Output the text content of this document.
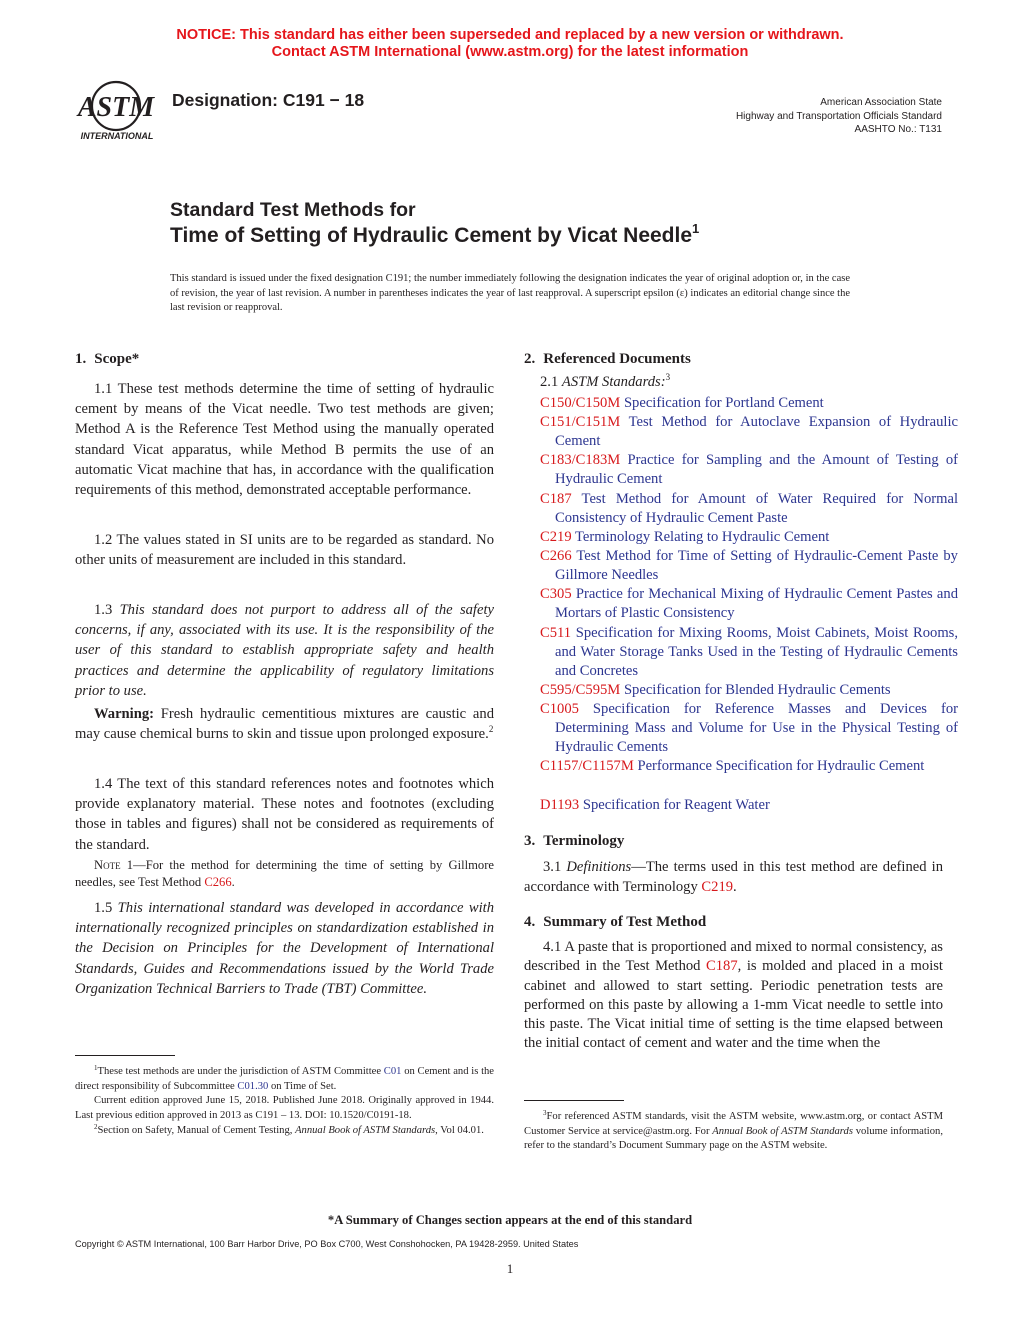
NOTICE: This standard has either been superseded and replaced by a new version or withdrawn.
Contact ASTM International (www.astm.org) for the latest information
ASTM
INTERNATIONAL
Designation: C191 − 18	American Association State
Highway and Transportation Officials Standard
AASHTO No.: T131
Standard Test Methods for
Time of Setting of Hydraulic Cement by Vicat Needle$^1$
This standard is issued under the fixed designation C191; the number immediately following the designation indicates the year of original adoption or, in the case of revision, the year of last revision. A number in parentheses indicates the year of last reapproval. A superscript epsilon (ε) indicates an editorial change since the last revision or reapproval.
1. Scope*

1.1 These test methods determine the time of setting of hydraulic cement by means of the Vicat needle. Two test methods are given; Method A is the Reference Test Method using the manually operated standard Vicat apparatus, while Method B permits the use of an automatic Vicat machine that has, in accordance with the qualification requirements of this method, demonstrated acceptable performance.

1.2 The values stated in SI units are to be regarded as standard. No other units of measurement are included in this standard.

1.3 This standard does not purport to address all of the safety concerns, if any, associated with its use. It is the responsibility of the user of this standard to establish appropriate safety and health practices and determine the applicability of regulatory limitations prior to use.

Warning: Fresh hydraulic cementitious mixtures are caustic and may cause chemical burns to skin and tissue upon prolonged exposure.$^2$

1.4 The text of this standard references notes and footnotes which provide explanatory material. These notes and footnotes (excluding those in tables and figures) shall not be considered as requirements of the standard.

Note 1—For the method for determining the time of setting by Gillmore needles, see Test Method C266.

1.5 This international standard was developed in accordance with internationally recognized principles on standardization established in the Decision on Principles for the Development of International Standards, Guides and Recommendations issued by the World Trade Organization Technical Barriers to Trade (TBT) Committee.

$^1$These test methods are under the jurisdiction of ASTM Committee C01 on Cement and is the direct responsibility of Subcommittee C01.30 on Time of Set.

Current edition approved June 15, 2018. Published June 2018. Originally approved in 1944. Last previous edition approved in 2013 as C191 – 13. DOI: 10.1520/C0191-18.

$^2$Section on Safety, Manual of Cement Testing, Annual Book of ASTM Standards, Vol 04.01.

2. Referenced Documents
2.1 ASTM Standards:$^3$
C150/C150M Specification for Portland Cement
C151/C151M Test Method for Autoclave Expansion of Hydraulic Cement
C183/C183M Practice for Sampling and the Amount of Testing of Hydraulic Cement
C187 Test Method for Amount of Water Required for Normal Consistency of Hydraulic Cement Paste
C219 Terminology Relating to Hydraulic Cement
C266 Test Method for Time of Setting of Hydraulic-Cement Paste by Gillmore Needles
C305 Practice for Mechanical Mixing of Hydraulic Cement Pastes and Mortars of Plastic Consistency
C511 Specification for Mixing Rooms, Moist Cabinets, Moist Rooms, and Water Storage Tanks Used in the Testing of Hydraulic Cements and Concretes
C595/C595M Specification for Blended Hydraulic Cements
C1005 Specification for Reference Masses and Devices for Determining Mass and Volume for Use in the Physical Testing of Hydraulic Cements
C1157/C1157M Performance Specification for Hydraulic Cement
D1193 Specification for Reagent Water
3. Terminology

3.1 Definitions—The terms used in this test method are defined in accordance with Terminology C219.

4. Summary of Test Method

4.1 A paste that is proportioned and mixed to normal consistency, as described in the Test Method C187, is molded and placed in a moist cabinet and allowed to start setting. Periodic penetration tests are performed on this paste by allowing a 1-mm Vicat needle to settle into this paste. The Vicat initial time of setting is the time elapsed between the initial contact of cement and water and the time when the

$^3$For referenced ASTM standards, visit the ASTM website, www.astm.org, or contact ASTM Customer Service at service@astm.org. For Annual Book of ASTM Standards volume information, refer to the standard’s Document Summary page on the ASTM website.

*A Summary of Changes section appears at the end of this standard
Copyright © ASTM International, 100 Barr Harbor Drive, PO Box C700, West Conshohocken, PA 19428-2959. United States
1
